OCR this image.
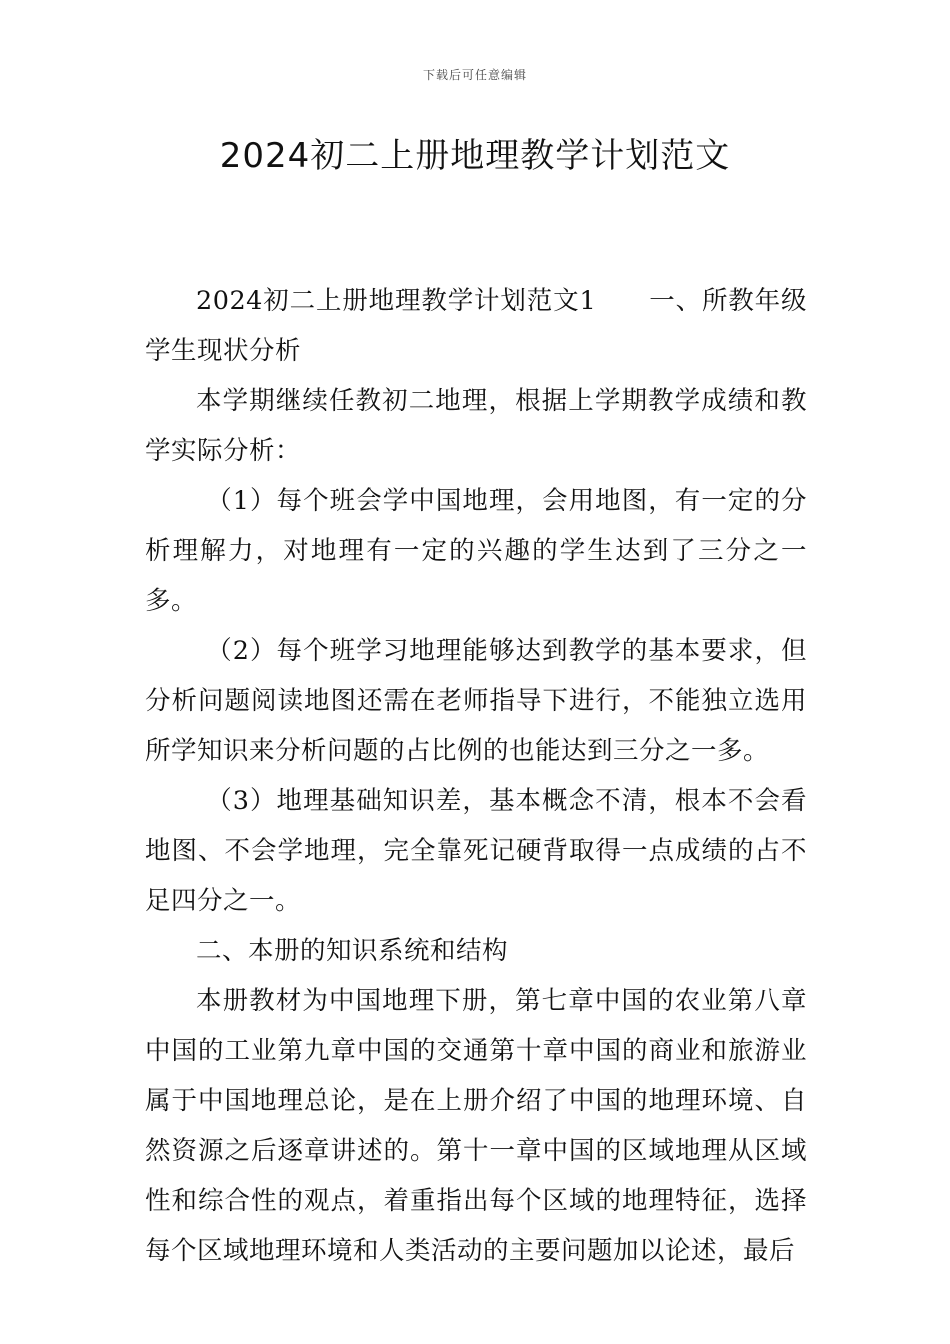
下载后可任意编辑
2024初二上册地理教学计划范文

2024初二上册地理教学计划范文1　　一、所教年级学生现状分析

本学期继续任教初二地理，根据上学期教学成绩和教学实际分析：

（1）每个班会学中国地理，会用地图，有一定的分析理解力，对地理有一定的兴趣的学生达到了三分之一多。

（2）每个班学习地理能够达到教学的基本要求，但分析问题阅读地图还需在老师指导下进行，不能独立选用所学知识来分析问题的占比例的也能达到三分之一多。

（3）地理基础知识差，基本概念不清，根本不会看地图、不会学地理，完全靠死记硬背取得一点成绩的占不足四分之一。

二、本册的知识系统和结构

本册教材为中国地理下册，第七章中国的农业第八章中国的工业第九章中国的交通第十章中国的商业和旅游业属于中国地理总论，是在上册介绍了中国的地理环境、自然资源之后逐章讲述的。第十一章中国的区域地理从区域性和综合性的观点，着重指出每个区域的地理特征，选择每个区域地理环境和人类活动的主要问题加以论述，最后
